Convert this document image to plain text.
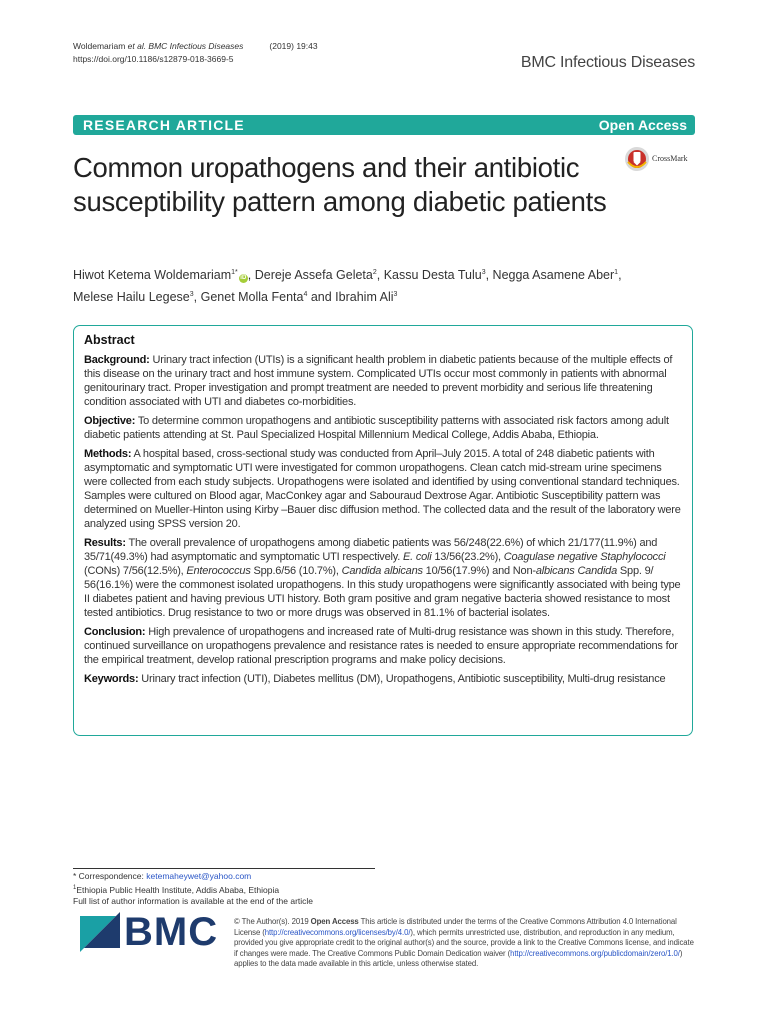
Woldemariam et al. BMC Infectious Diseases	(2019) 19:43
https://doi.org/10.1186/s12879-018-3669-5	BMC Infectious Diseases
RESEARCH ARTICLE	Open Access
Common uropathogens and their antibiotic susceptibility pattern among diabetic patients
CrossMark
Hiwot Ketema Woldemariam$^{1*}$iD , Dereje Assefa Geleta$^2$, Kassu Desta Tulu$^3$, Negga Asamene Aber$^1$,
Melese Hailu Legese$^3$, Genet Molla Fenta$^4$ and Ibrahim Ali$^3$
Abstract

Background: Urinary tract infection (UTIs) is a significant health problem in diabetic patients because of the multiple effects of this disease on the urinary tract and host immune system. Complicated UTIs occur most commonly in patients with abnormal genitourinary tract. Proper investigation and prompt treatment are needed to prevent morbidity and serious life threatening condition associated with UTI and diabetes co-morbidities.

Objective: To determine common uropathogens and antibiotic susceptibility patterns with associated risk factors among adult diabetic patients attending at St. Paul Specialized Hospital Millennium Medical College, Addis Ababa, Ethiopia.

Methods: A hospital based, cross-sectional study was conducted from April–July 2015. A total of 248 diabetic patients with asymptomatic and symptomatic UTI were investigated for common uropathogens. Clean catch mid-stream urine specimens were collected from each study subjects. Uropathogens were isolated and identified by using conventional standard techniques. Samples were cultured on Blood agar, MacConkey agar and Sabouraud Dextrose Agar. Antibiotic Susceptibility pattern was determined on Mueller-Hinton using Kirby –Bauer disc diffusion method. The collected data and the result of the laboratory were analyzed using SPSS version 20.

Results: The overall prevalence of uropathogens among diabetic patients was 56/248(22.6%) of which 21/177(11.9%) and 35/71(49.3%) had asymptomatic and symptomatic UTI respectively. E. coli 13/56(23.2%), Coagulase negative Staphylococci (CONs) 7/56(12.5%), Enterococcus Spp.6/56 (10.7%), Candida albicans 10/56(17.9%) and Non-albicans Candida Spp. 9/ 56(16.1%) were the commonest isolated uropathogens. In this study uropathogens were significantly associated with being type II diabetes patient and having previous UTI history. Both gram positive and gram negative bacteria showed resistance to most tested antibiotics. Drug resistance to two or more drugs was observed in 81.1% of bacterial isolates.

Conclusion: High prevalence of uropathogens and increased rate of Multi-drug resistance was shown in this study. Therefore, continued surveillance on uropathogens prevalence and resistance rates is needed to ensure appropriate recommendations for the empirical treatment, develop rational prescription programs and make policy decisions.

Keywords: Urinary tract infection (UTI), Diabetes mellitus (DM), Uropathogens, Antibiotic susceptibility, Multi-drug resistance

* Correspondence: ketemaheywet@yahoo.com
$^1$Ethiopia Public Health Institute, Addis Ababa, Ethiopia
Full list of author information is available at the end of the article
BMC © The Author(s). 2019 Open Access This article is distributed under the terms of the Creative Commons Attribution 4.0 International License (http://creativecommons.org/licenses/by/4.0/), which permits unrestricted use, distribution, and reproduction in any medium, provided you give appropriate credit to the original author(s) and the source, provide a link to the Creative Commons license, and indicate if changes were made. The Creative Commons Public Domain Dedication waiver (http://creativecommons.org/publicdomain/zero/1.0/) applies to the data made available in this article, unless otherwise stated.
